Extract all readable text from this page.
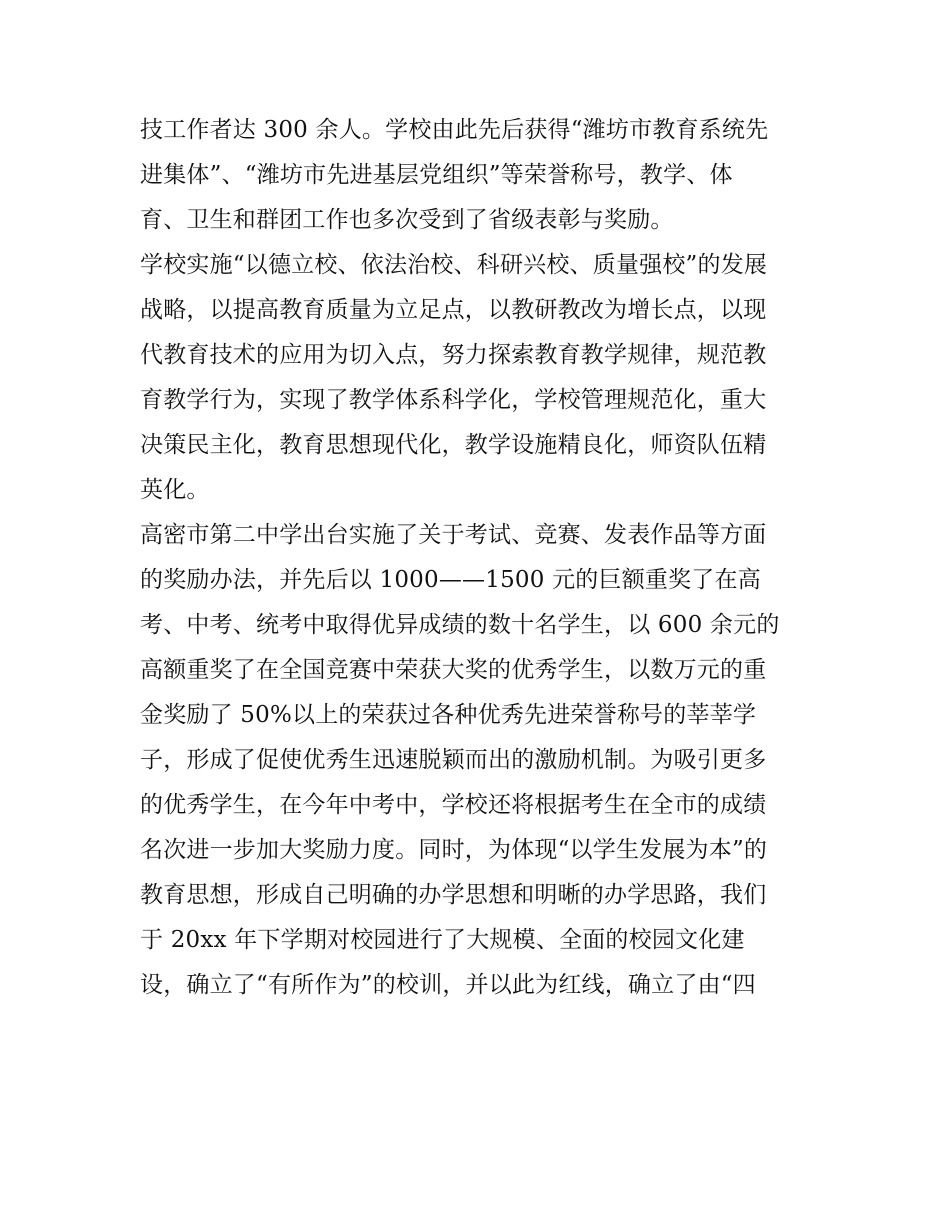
技工作者达 300 余人。学校由此先后获得“潍坊市教育系统先
进集体”、“潍坊市先进基层党组织”等荣誉称号，教学、体
育、卫生和群团工作也多次受到了省级表彰与奖励。
学校实施“以德立校、依法治校、科研兴校、质量强校”的发展
战略，以提高教育质量为立足点，以教研教改为增长点，以现
代教育技术的应用为切入点，努力探索教育教学规律，规范教
育教学行为，实现了教学体系科学化，学校管理规范化，重大
决策民主化，教育思想现代化，教学设施精良化，师资队伍精
英化。
高密市第二中学出台实施了关于考试、竞赛、发表作品等方面
的奖励办法，并先后以 1000——1500 元的巨额重奖了在高
考、中考、统考中取得优异成绩的数十名学生，以 600 余元的
高额重奖了在全国竞赛中荣获大奖的优秀学生，以数万元的重
金奖励了 50%以上的荣获过各种优秀先进荣誉称号的莘莘学
子，形成了促使优秀生迅速脱颖而出的激励机制。为吸引更多
的优秀学生，在今年中考中，学校还将根据考生在全市的成绩
名次进一步加大奖励力度。同时，为体现“以学生发展为本”的
教育思想，形成自己明确的办学思想和明晰的办学思路，我们
于 20xx 年下学期对校园进行了大规模、全面的校园文化建
设，确立了“有所作为”的校训，并以此为红线，确立了由“四
